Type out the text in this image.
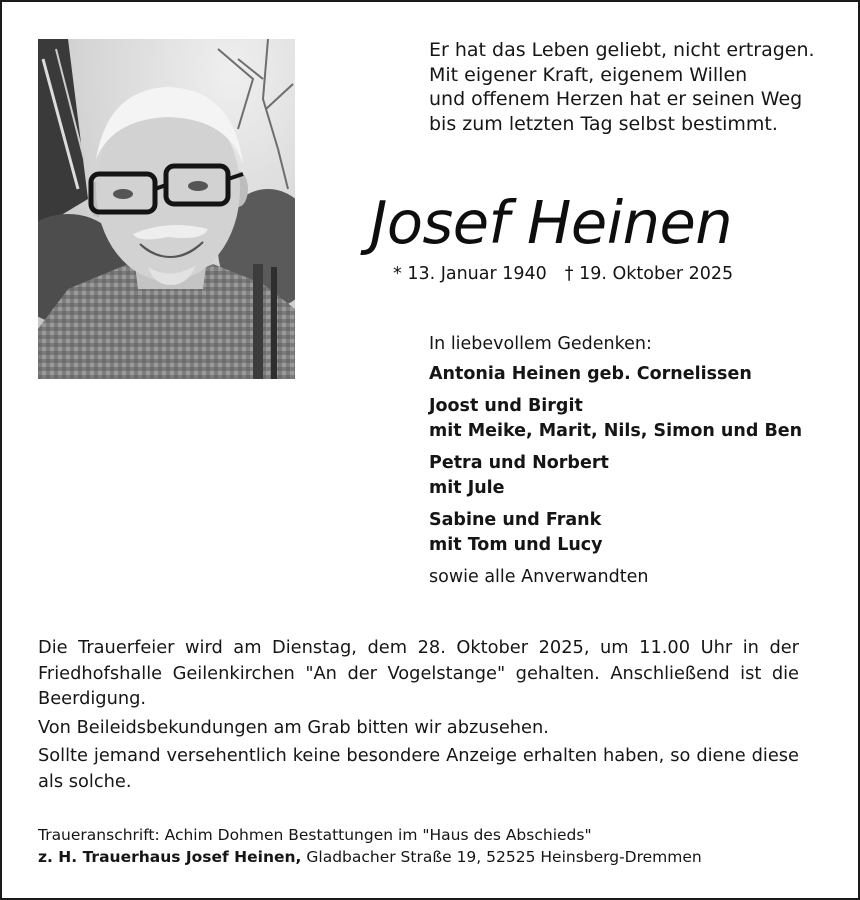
Er hat das Leben geliebt, nicht ertragen.
Mit eigener Kraft, eigenem Willen
und offenem Herzen hat er seinen Weg
bis zum letzten Tag selbst bestimmt.
Josef Heinen
* 13. Januar 1940 † 19. Oktober 2025
In liebevollem Gedenken:
Antonia Heinen geb. Cornelissen
Joost und Birgit
mit Meike, Marit, Nils, Simon und Ben
Petra und Norbert
mit Jule
Sabine und Frank
mit Tom und Lucy
sowie alle Anverwandten

Die Trauerfeier wird am Dienstag, dem 28. Oktober 2025, um 11.00 Uhr in der Friedhofshalle Geilenkirchen "An der Vogelstange" gehalten. Anschließend ist die Beerdigung.

Von Beileidsbekundungen am Grab bitten wir abzusehen.

Sollte jemand versehentlich keine besondere Anzeige erhalten haben, so diene diese als solche.

Traueranschrift: Achim Dohmen Bestattungen im "Haus des Abschieds"
z. H. Trauerhaus Josef Heinen, Gladbacher Straße 19, 52525 Heinsberg-Dremmen
